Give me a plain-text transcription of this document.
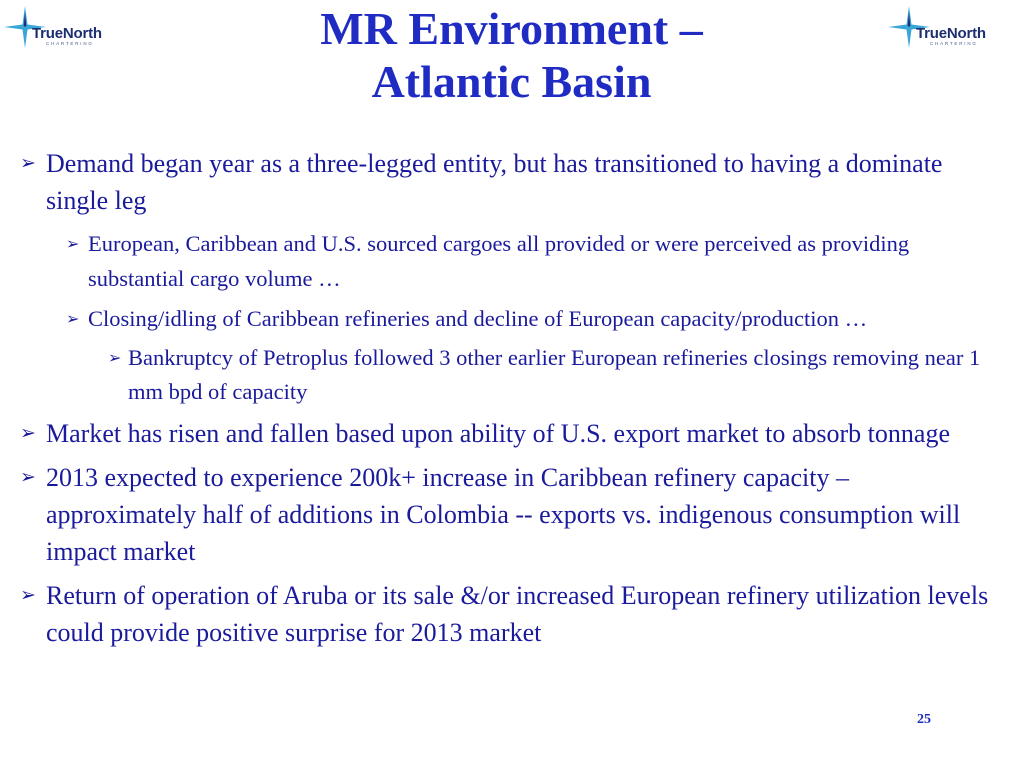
TrueNorth
CHARTERING
TrueNorth
CHARTERING
MR Environment –
Atlantic Basin
➢ Demand began year as a three-legged entity, but has transitioned to having a dominate single leg
➢ European, Caribbean and U.S. sourced cargoes all provided or were perceived as providing substantial cargo volume …
➢ Closing/idling of Caribbean refineries and decline of European capacity/production …
➢ Bankruptcy of Petroplus followed 3 other earlier European refineries closings removing near 1 mm bpd of capacity
➢ Market has risen and fallen based upon ability of U.S. export market to absorb tonnage
➢ 2013 expected to experience 200k+ increase in Caribbean refinery capacity – approximately half of additions in Colombia -- exports vs. indigenous consumption will impact market
➢ Return of operation of Aruba or its sale &/or increased European refinery utilization levels could provide positive surprise for 2013 market
25
